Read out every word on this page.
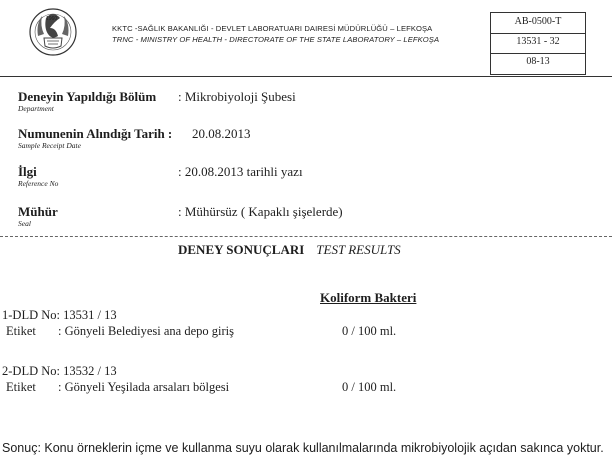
1960
KKTC -SAĞLIK BAKANLIĞI - DEVLET LABORATUARI DAIRESİ MÜDÜRLÜĞÜ – LEFKOŞA
TRNC - MINISTRY OF HEALTH - DIRECTORATE OF THE STATE LABORATORY – LEFKOŞA
AB-0500-T
13531 - 32
08-13
Deneyin Yapıldığı Bölüm
Department
: Mikrobiyoloji Şubesi
Numunenin Alındığı Tarih :
Sample Receipt Date
20.08.2013
İlgi
Reference No
: 20.08.2013 tarihli yazı
Mühür
Seal
: Mühürsüz ( Kapaklı şişelerde)
DENEY SONUÇLARI TEST RESULTS
Koliform Bakteri
1-DLD No: 13531 / 13
Etiket : Gönyeli Belediyesi ana depo giriş	0 / 100 ml.
2-DLD No: 13532 / 13
Etiket : Gönyeli Yeşilada arsaları bölgesi	0 / 100 ml.
Sonuç: Konu örneklerin içme ve kullanma suyu olarak kullanılmalarında mikrobiyolojik açıdan sakınca yoktur.
